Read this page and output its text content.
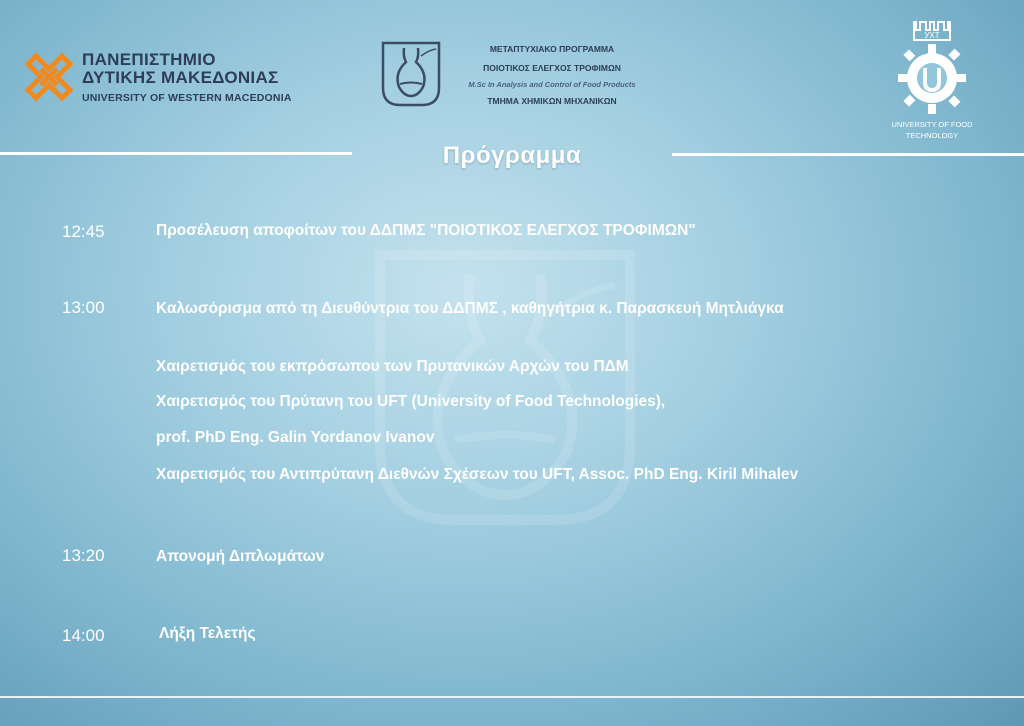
ΠΑΝΕΠΙΣΤΗΜΙΟ
ΔΥΤΙΚΗΣ ΜΑΚΕΔΟΝΙΑΣ
UNIVERSITY OF WESTERN MACEDONIA
ΜΕΤΑΠΤΥΧΙΑΚΟ ΠΡΟΓΡΑΜΜΑ
ΠΟΙΟΤΙΚΟΣ ΕΛΕΓΧΟΣ ΤΡΟΦΙΜΩΝ
M.Sc In Analysis and Control of Food Products
ΤΜΗΜΑ ΧΗΜΙΚΩΝ ΜΗΧΑΝΙΚΩΝ
УХТ
UNIVERSITY OF FOOD
TECHNOLOGY
Πρόγραμμα
12:45	Προσέλευση αποφοίτων του ΔΔΠΜΣ "ΠΟΙΟΤΙΚΟΣ ΕΛΕΓΧΟΣ ΤΡΟΦΙΜΩΝ"
13:00	Καλωσόρισμα από τη Διευθύντρια του ΔΔΠΜΣ , καθηγήτρια κ. Παρασκευή Μητλιάγκα
Χαιρετισμός του εκπρόσωπου των Πρυτανικών Αρχών του ΠΔΜ
Χαιρετισμός του Πρύτανη του UFT (University of Food Technologies),
prof. PhD Eng. Galin Yordanov Ivanov
Χαιρετισμός του Αντιπρύτανη Διεθνών Σχέσεων του UFT, Assoc. PhD Eng. Kiril Mihalev
13:20	Απονομή Διπλωμάτων
14:00	Λήξη Τελετής
